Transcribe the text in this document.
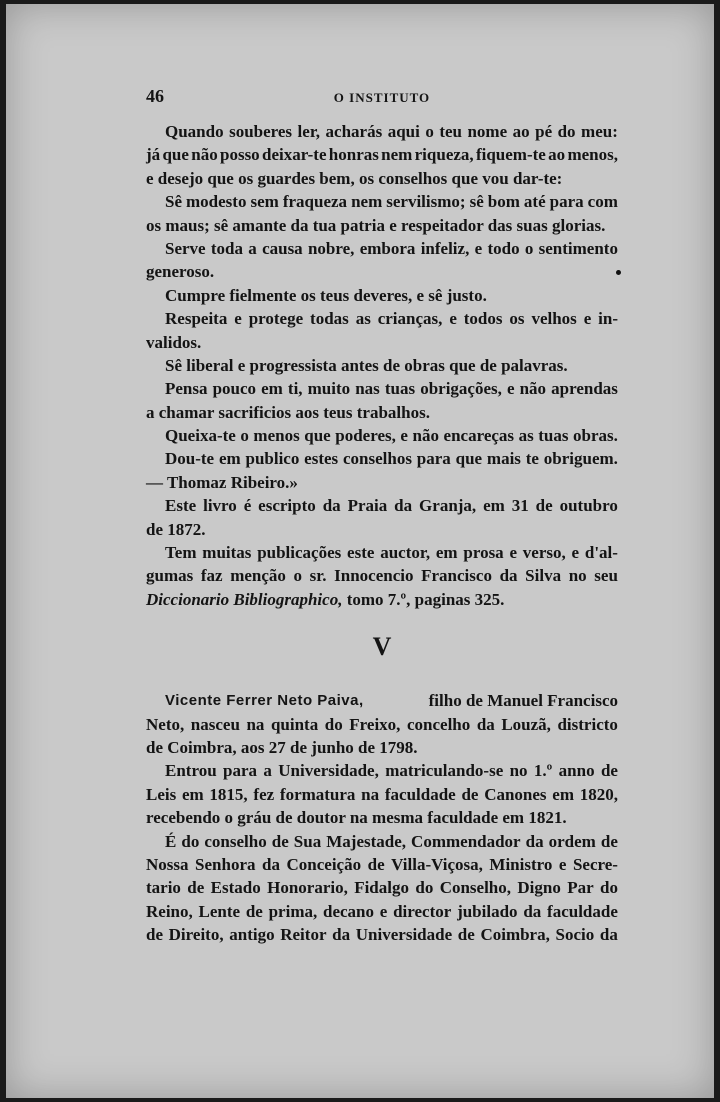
46	O INSTITUTO
Quando souberes ler, acharás aqui o teu nome ao pé do meu:
já que não posso deixar-te honras nem riqueza, fiquem-te ao menos,
e desejo que os guardes bem, os conselhos que vou dar-te:
Sê modesto sem fraqueza nem servilismo; sê bom até para com
os maus; sê amante da tua patria e respeitador das suas glorias.
Serve toda a causa nobre, embora infeliz, e todo o sentimento
generoso.
Cumpre fielmente os teus deveres, e sê justo.
Respeita e protege todas as crianças, e todos os velhos e in-
validos.
Sê liberal e progressista antes de obras que de palavras.
Pensa pouco em ti, muito nas tuas obrigações, e não aprendas
a chamar sacrificios aos teus trabalhos.
Queixa-te o menos que poderes, e não encareças as tuas obras.
Dou-te em publico estes conselhos para que mais te obriguem.
— Thomaz Ribeiro.»
Este livro é escripto da Praia da Granja, em 31 de outubro
de 1872.
Tem muitas publicações este auctor, em prosa e verso, e d'al-
gumas faz menção o sr. Innocencio Francisco da Silva no seu
Diccionario Bibliographico, tomo 7.º, paginas 325.
V
Vicente Ferrer Neto Paiva,	filho de Manuel Francisco
Neto, nasceu na quinta do Freixo, concelho da Louzã, districto
de Coimbra, aos 27 de junho de 1798.
Entrou para a Universidade, matriculando-se no 1.º anno de
Leis em 1815, fez formatura na faculdade de Canones em 1820,
recebendo o gráu de doutor na mesma faculdade em 1821.
É do conselho de Sua Majestade, Commendador da ordem de
Nossa Senhora da Conceição de Villa-Viçosa, Ministro e Secre-
tario de Estado Honorario, Fidalgo do Conselho, Digno Par do
Reino, Lente de prima, decano e director jubilado da faculdade
de Direito, antigo Reitor da Universidade de Coimbra, Socio da
